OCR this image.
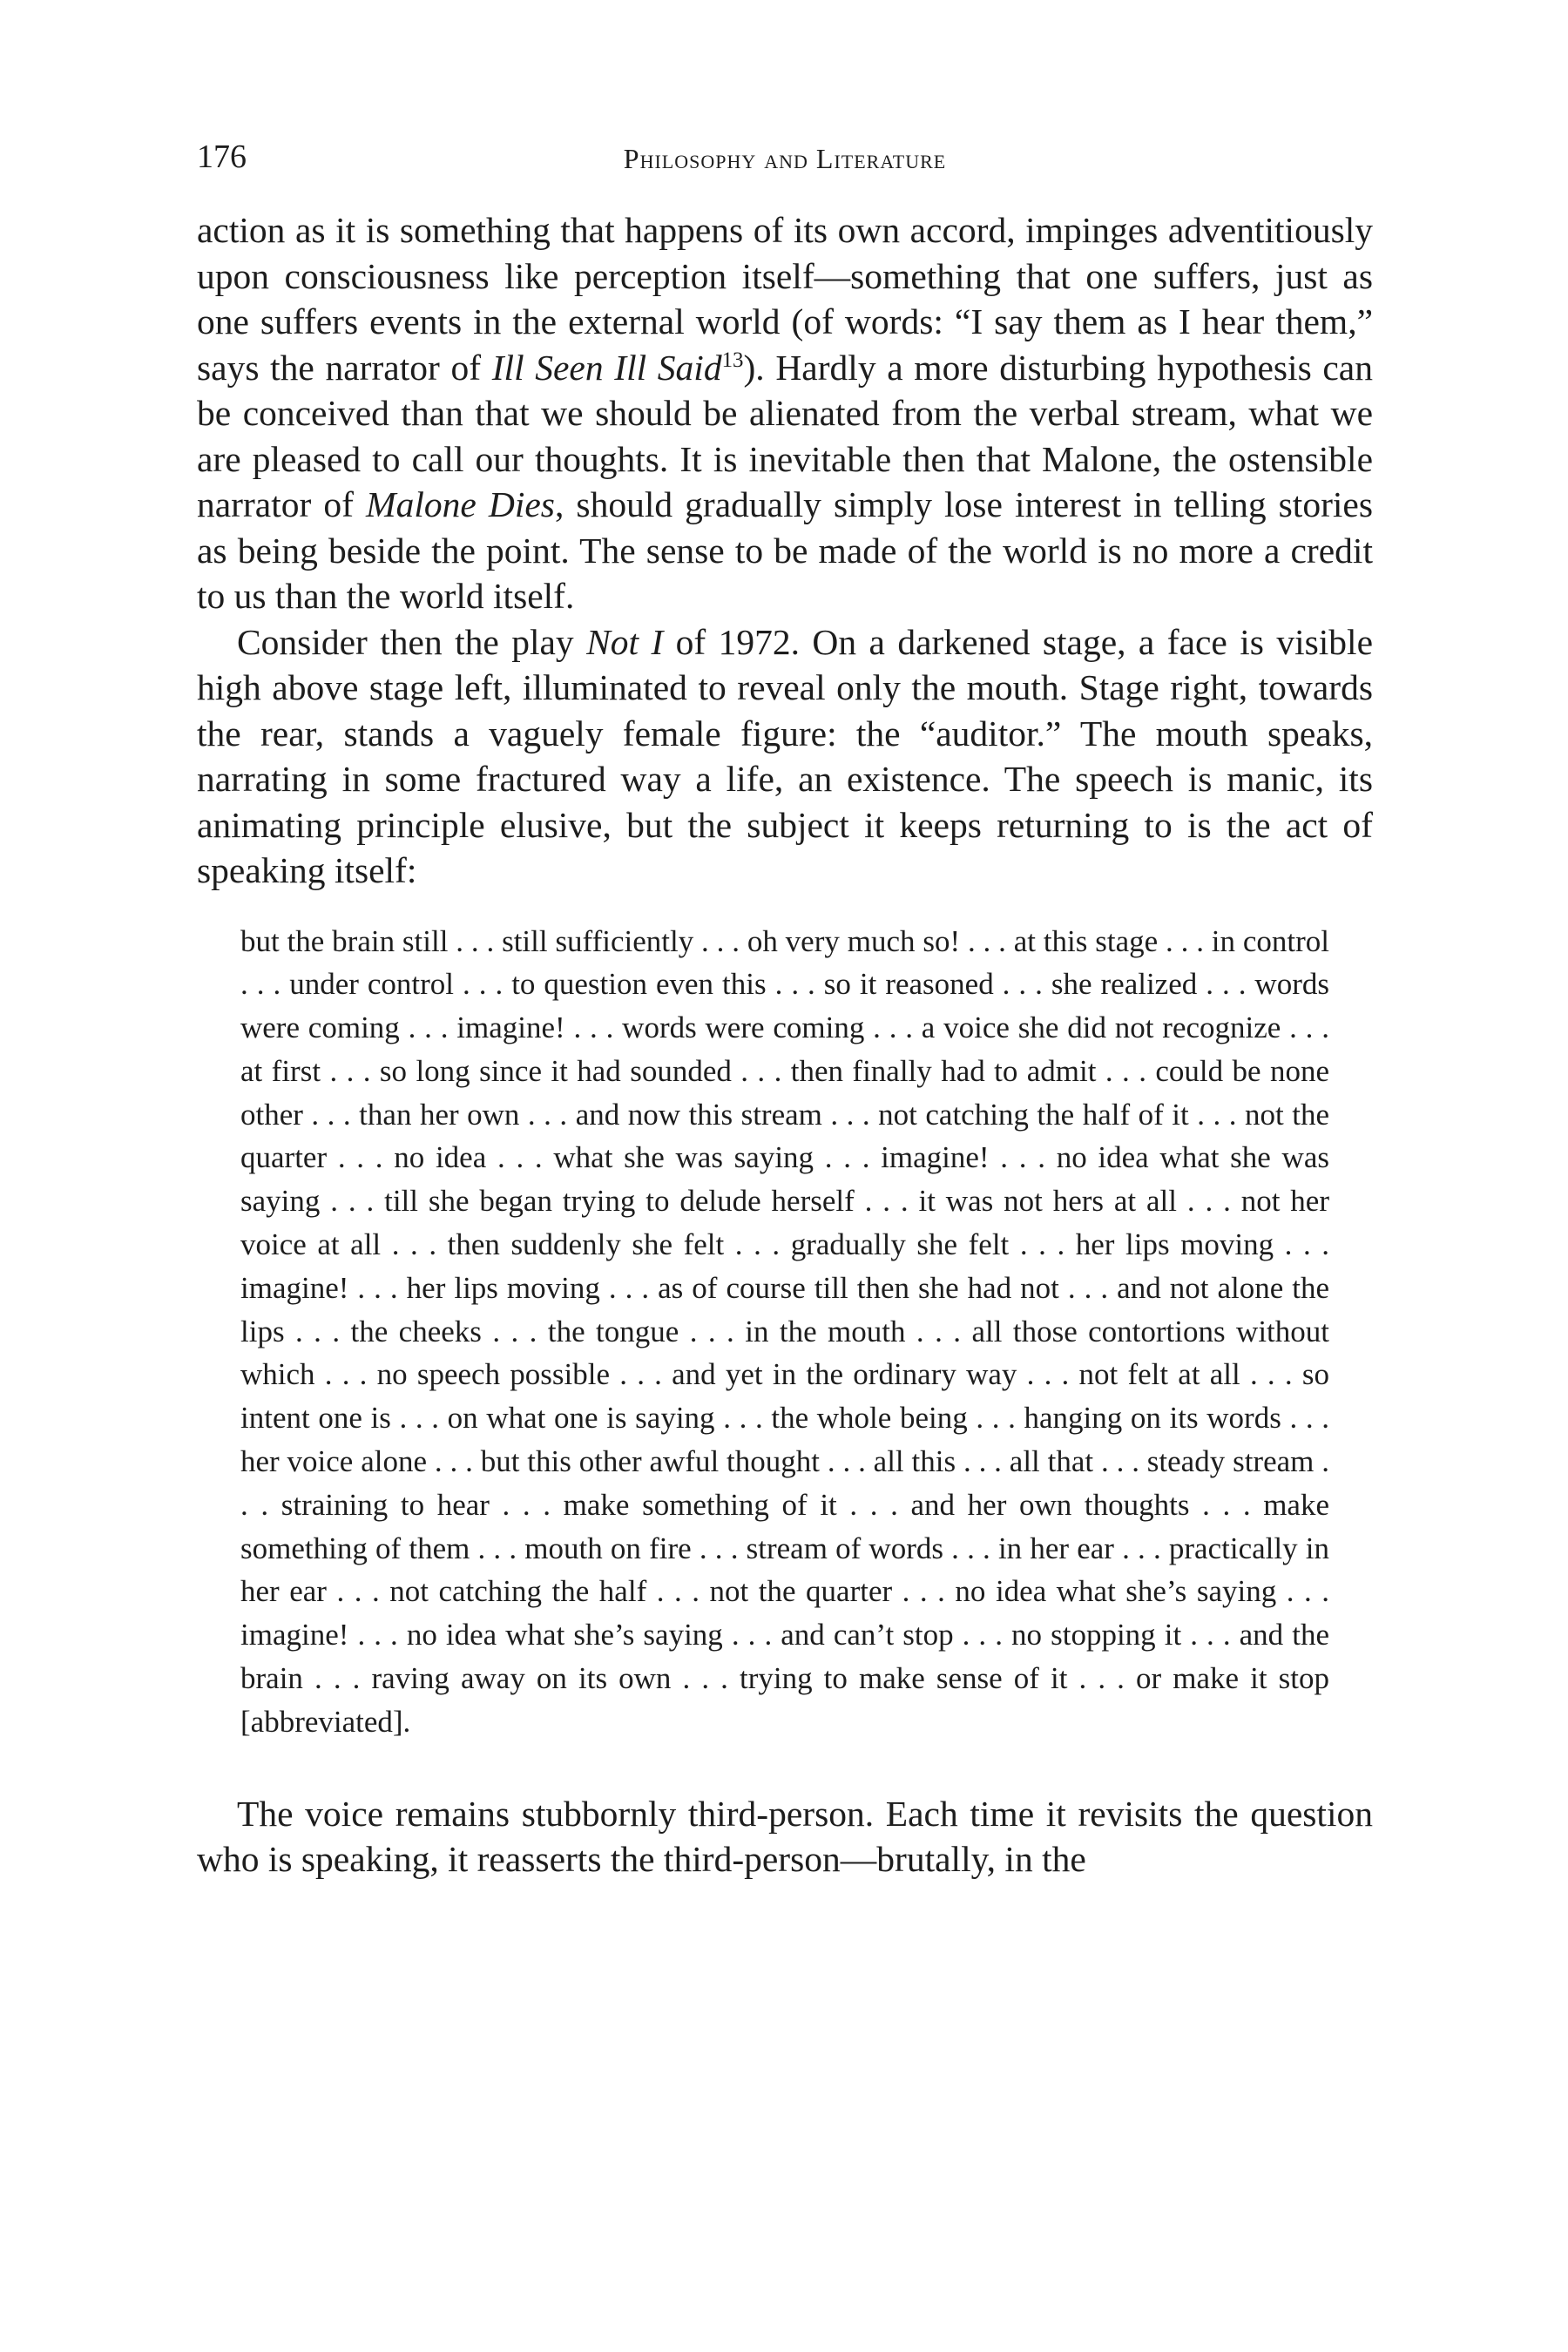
176	Philosophy and Literature

action as it is something that happens of its own accord, impinges adventitiously upon consciousness like perception itself—something that one suffers, just as one suffers events in the external world (of words: “I say them as I hear them,” says the narrator of Ill Seen Ill Said$^{13}$). Hardly a more disturbing hypothesis can be conceived than that we should be alienated from the verbal stream, what we are pleased to call our thoughts. It is inevitable then that Malone, the ostensible narrator of Malone Dies, should gradually simply lose interest in telling stories as being beside the point. The sense to be made of the world is no more a credit to us than the world itself.

Consider then the play Not I of 1972. On a darkened stage, a face is visible high above stage left, illuminated to reveal only the mouth. Stage right, towards the rear, stands a vaguely female figure: the “auditor.” The mouth speaks, narrating in some fractured way a life, an existence. The speech is manic, its animating principle elusive, but the subject it keeps returning to is the act of speaking itself:

but the brain still . . . still sufficiently . . . oh very much so! . . . at this stage . . . in control . . . under control . . . to question even this . . . so it reasoned . . . she realized . . . words were coming . . . imagine! . . . words were coming . . . a voice she did not recognize . . . at first . . . so long since it had sounded . . . then finally had to admit . . . could be none other . . . than her own . . . and now this stream . . . not catching the half of it . . . not the quarter . . . no idea . . . what she was saying . . . imagine! . . . no idea what she was saying . . . till she began trying to delude herself . . . it was not hers at all . . . not her voice at all . . . then suddenly she felt . . . gradually she felt . . . her lips moving . . . imagine! . . . her lips moving . . . as of course till then she had not . . . and not alone the lips . . . the cheeks . . . the tongue . . . in the mouth . . . all those contortions without which . . . no speech possible . . . and yet in the ordinary way . . . not felt at all . . . so intent one is . . . on what one is saying . . . the whole being . . . hanging on its words . . . her voice alone . . . but this other awful thought . . . all this . . . all that . . . steady stream . . . straining to hear . . . make something of it . . . and her own thoughts . . . make something of them . . . mouth on fire . . . stream of words . . . in her ear . . . practically in her ear . . . not catching the half . . . not the quarter . . . no idea what she’s saying . . . imagine! . . . no idea what she’s saying . . . and can’t stop . . . no stopping it . . . and the brain . . . raving away on its own . . . trying to make sense of it . . . or make it stop [abbreviated].

The voice remains stubbornly third-person. Each time it revisits the question who is speaking, it reasserts the third-person—brutally, in the
